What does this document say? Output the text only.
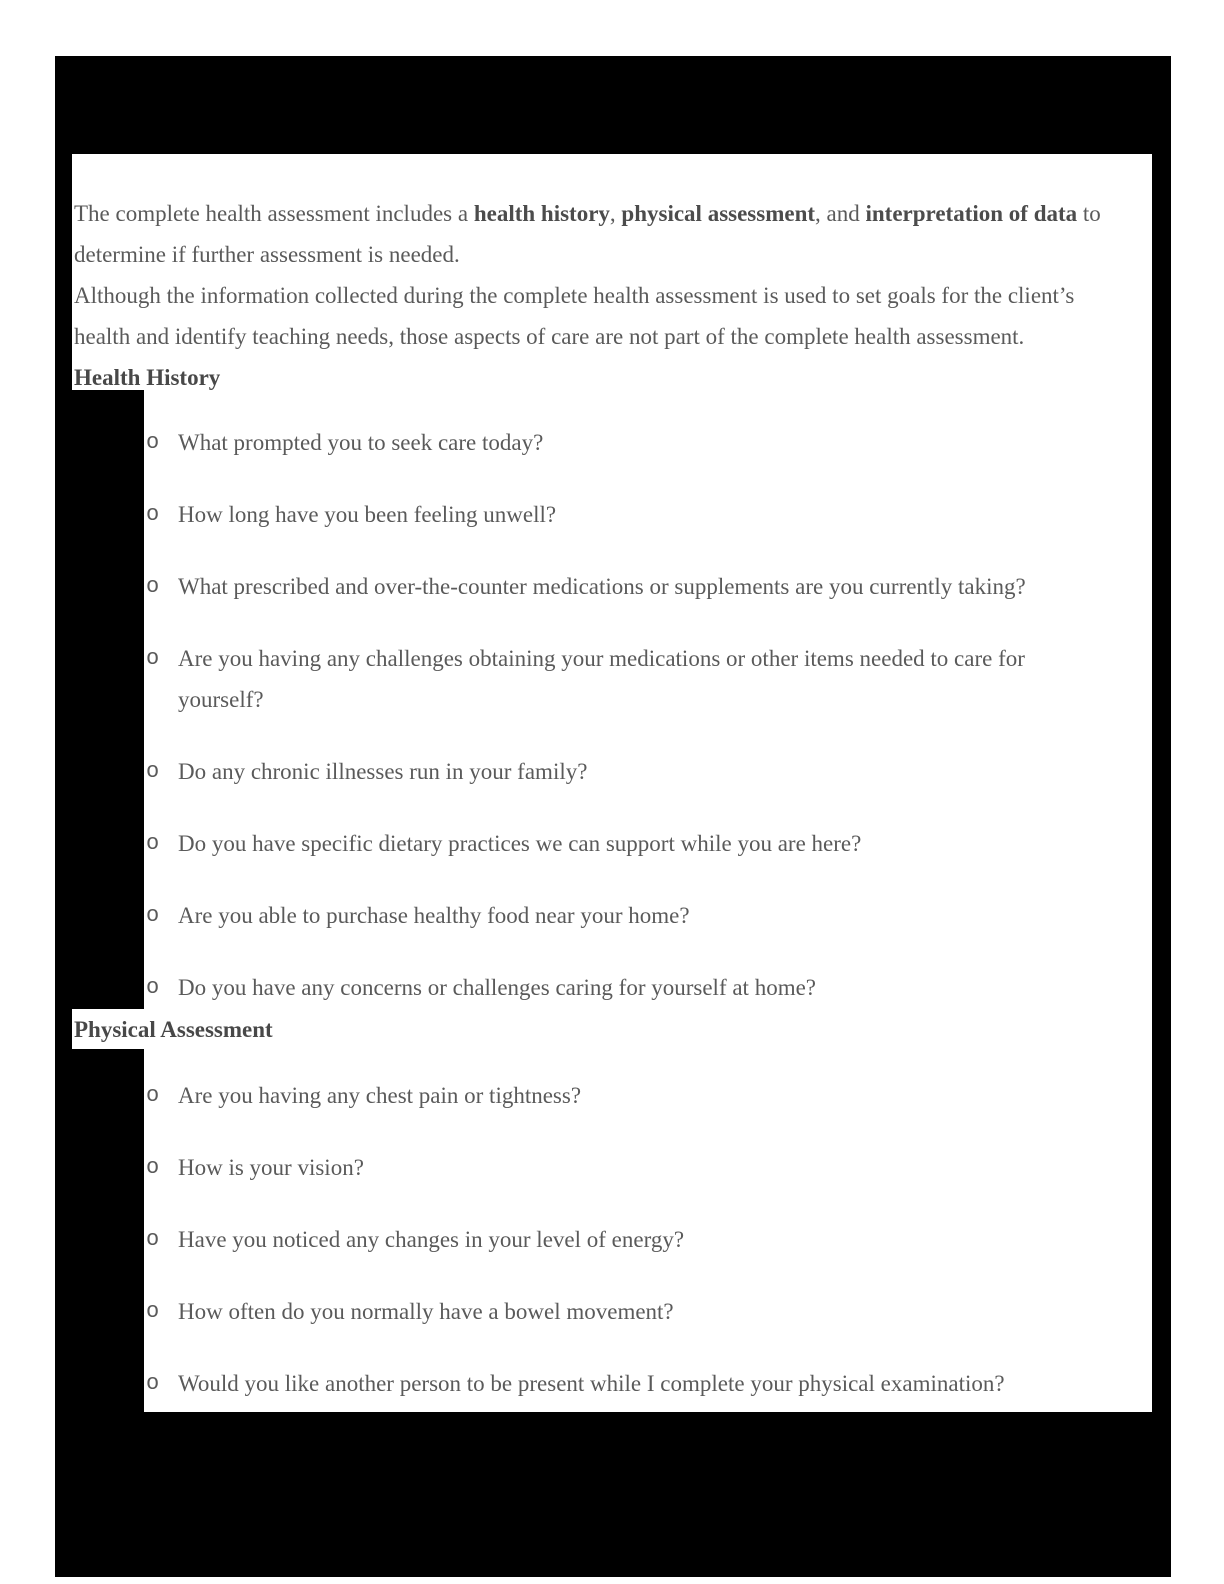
The complete health assessment includes a health history, physical assessment, and interpretation of data to
determine if further assessment is needed.
Although the information collected during the complete health assessment is used to set goals for the client’s
health and identify teaching needs, those aspects of care are not part of the complete health assessment.
Health History
o What prompted you to seek care today?
o How long have you been feeling unwell?
o What prescribed and over-the-counter medications or supplements are you currently taking?
o Are you having any challenges obtaining your medications or other items needed to care for
yourself?
o Do any chronic illnesses run in your family?
o Do you have specific dietary practices we can support while you are here?
o Are you able to purchase healthy food near your home?
o Do you have any concerns or challenges caring for yourself at home?
Physical Assessment
o Are you having any chest pain or tightness?
o How is your vision?
o Have you noticed any changes in your level of energy?
o How often do you normally have a bowel movement?
o Would you like another person to be present while I complete your physical examination?
